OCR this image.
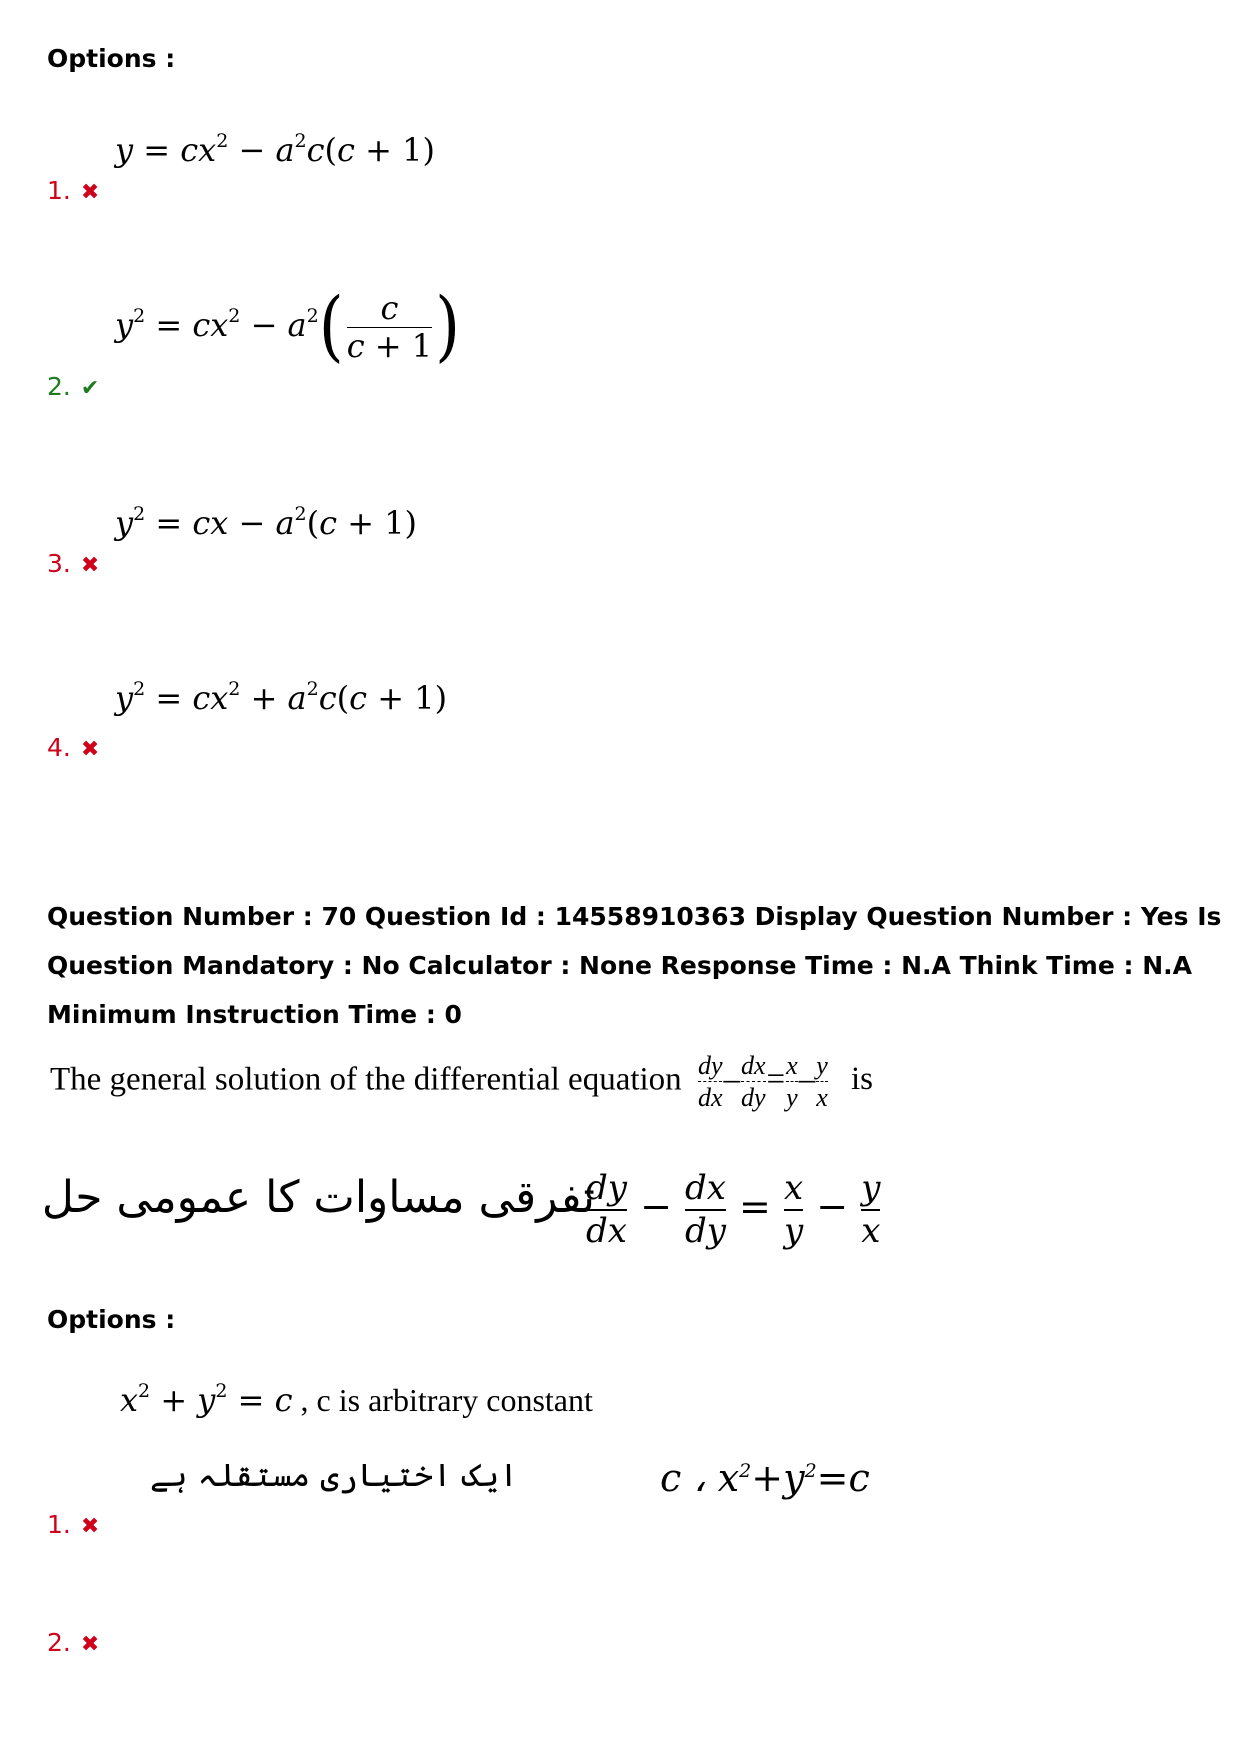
Options :
$y = cx^2 - a^2c(c + 1)$
1. ✖
$y^2 = cx^2 - a^2( \frac{c}{c + 1}$ )
2. ✔
$y^2$ = cx − $a^2(c + 1)$
3. ✖
$y^2 = cx^2 + a^2c(c + 1)$
4. ✖
Question Number : 70 Question Id : 14558910363 Display Question Number : Yes Is Question Mandatory : No Calculator : None Response Time : N.A Think Time : N.A Minimum Instruction Time : 0
The general solution of the differential equation $\frac{dy}{dx} - \frac{dx}{dy} = \frac{x}{y} - \frac{y}{x}$ is
تفرقی مساوات کا عمومی حل
$\frac{dy}{dx} - \frac{dx}{dy} = \frac{x}{y} - \frac{y}{x}$
Options :
$x^2 + y^2 = c$ , c is arbitrary constant
ایک اختیاری مستقلہ ہے	c ، $x^2+y^2=c$
1. ✖
2. ✖
